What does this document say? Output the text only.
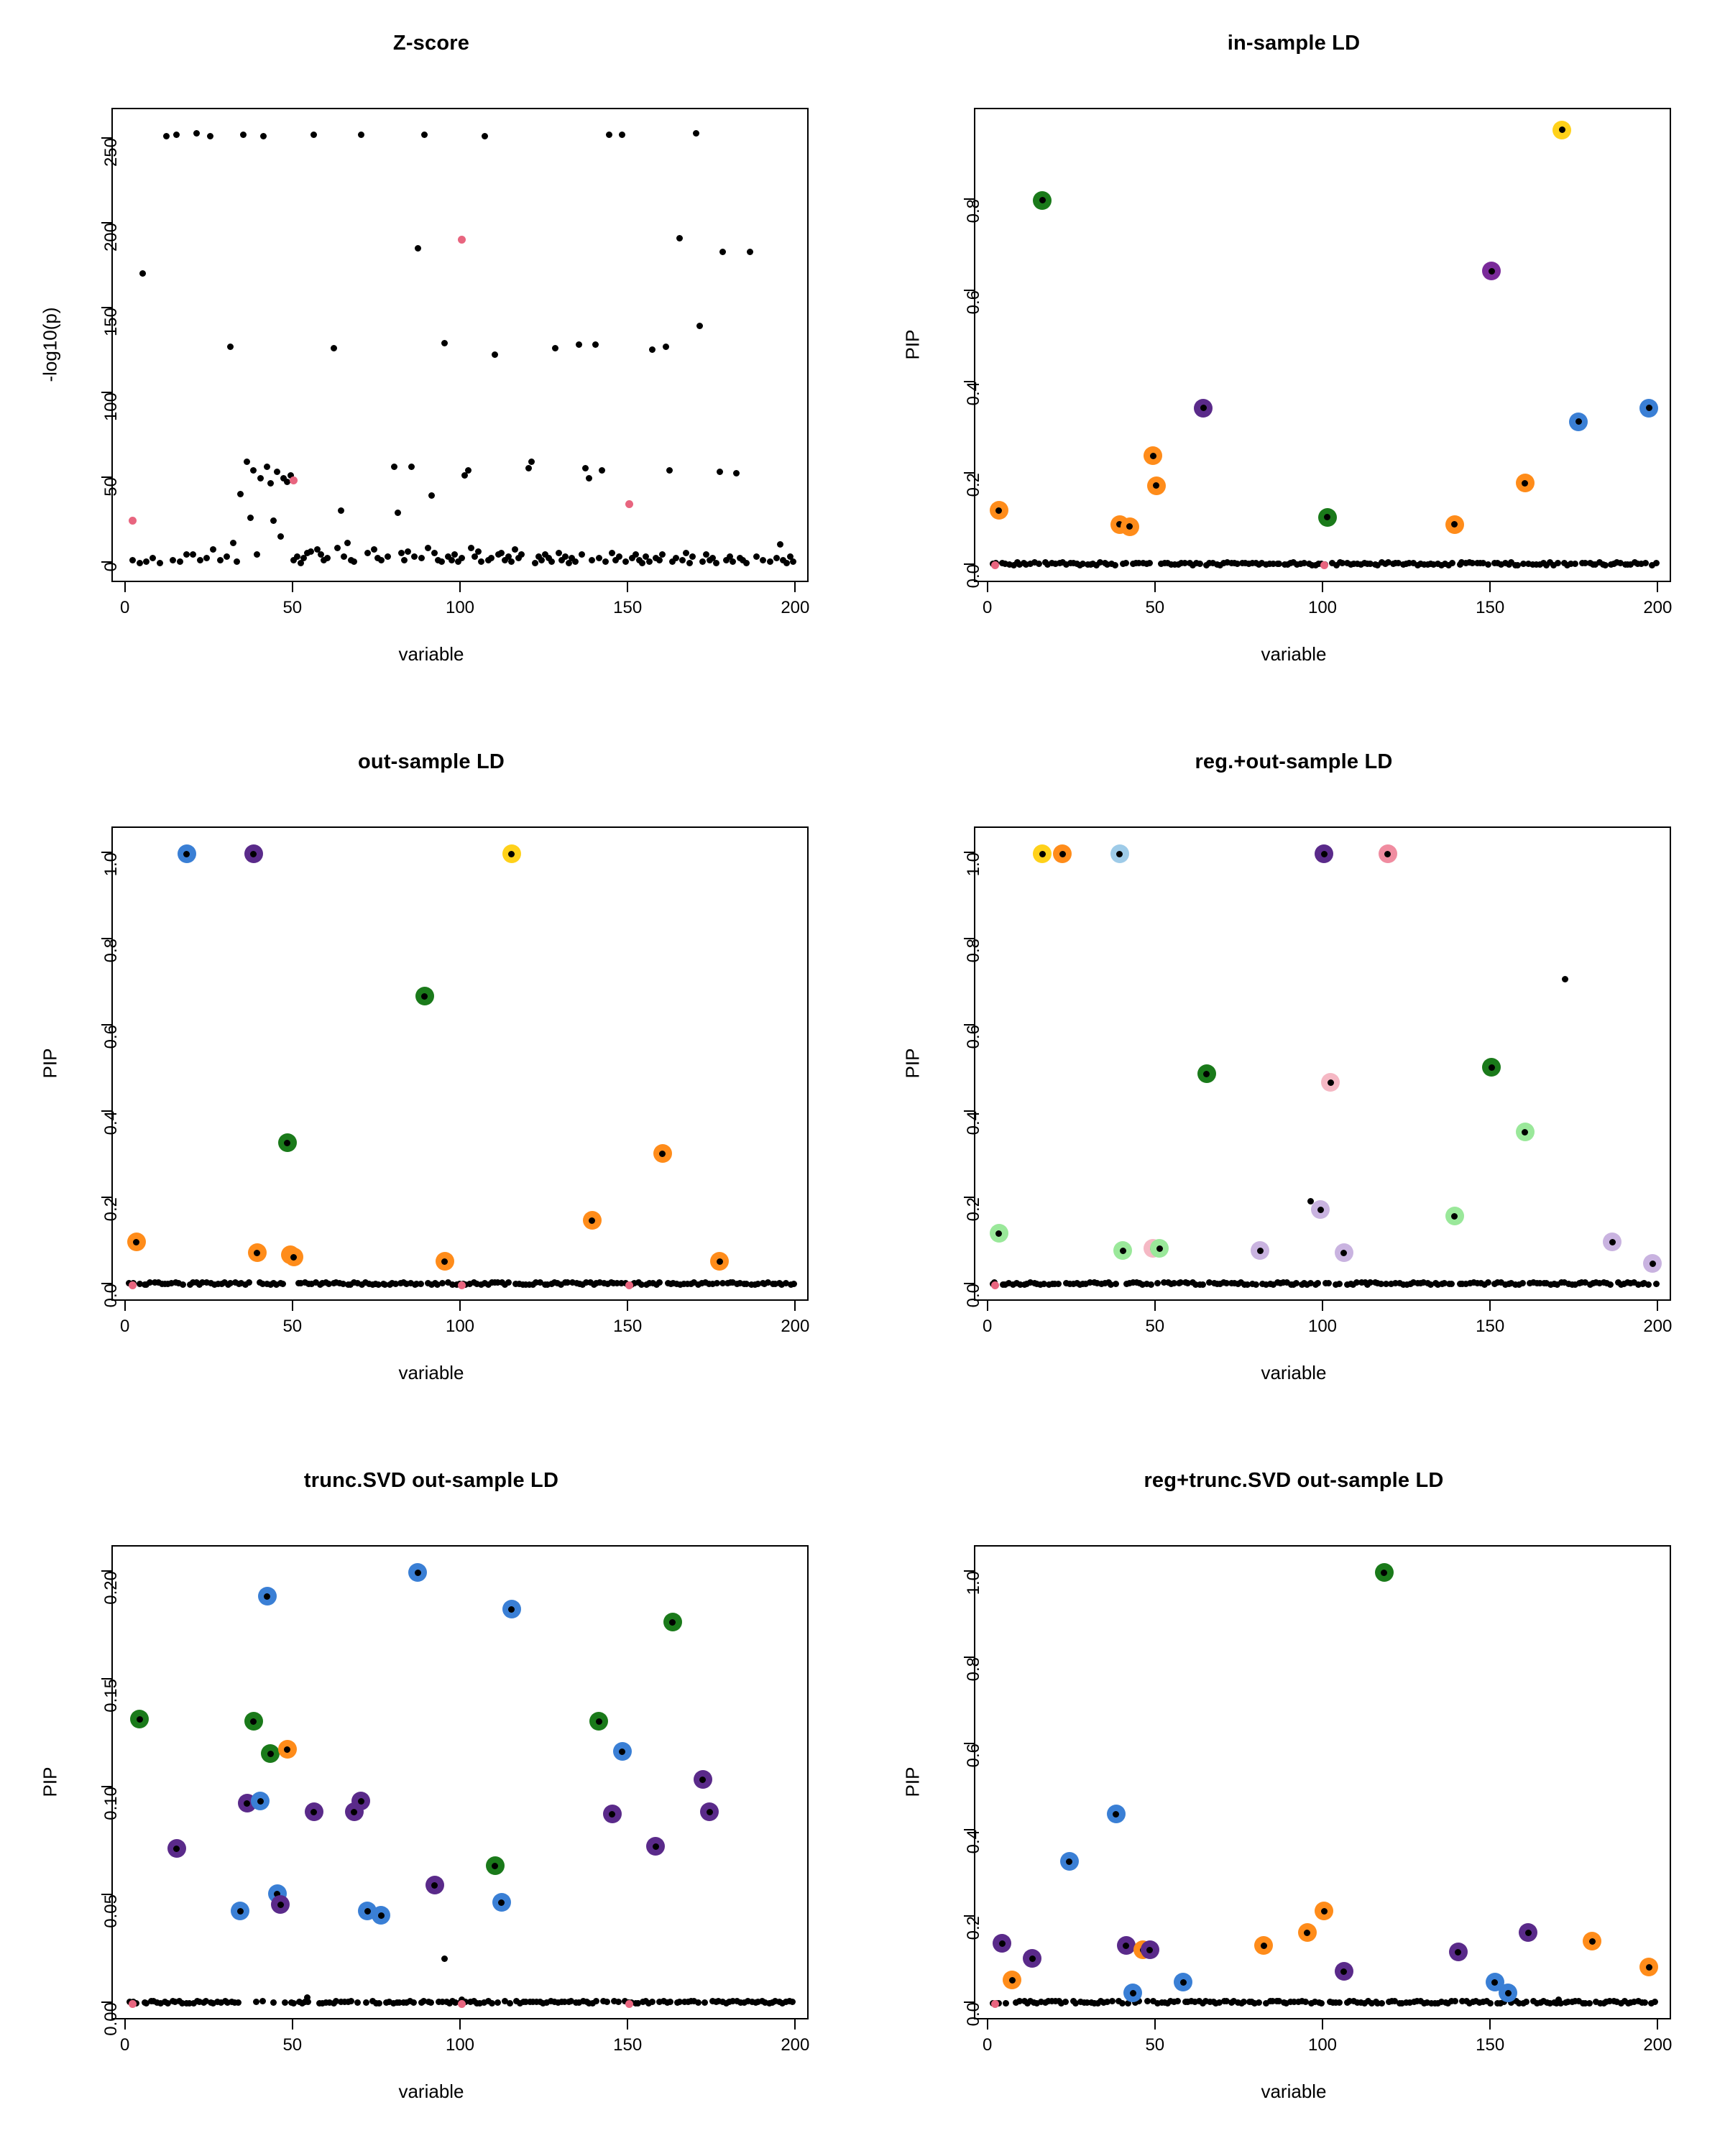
Z-score
0	50	100	150	200
0
50
100
150
200
250
variable
-log10(p)
in-sample LD
0	50	100	150	200
0.0
0.2
0.4
0.6
0.8
variable
PIP
out-sample LD
0	50	100	150	200
0.0
0.2
0.4
0.6
0.8
1.0
variable
PIP
reg.+out-sample LD
0	50	100	150	200
0.0
0.2
0.4
0.6
0.8
1.0
variable
PIP
trunc.SVD out-sample LD
0	50	100	150	200
0.00
0.05
0.10
0.15
0.20
variable
PIP
reg+trunc.SVD out-sample LD
0	50	100	150	200
0.0
0.2
0.4
0.6
0.8
1.0
variable
PIP
